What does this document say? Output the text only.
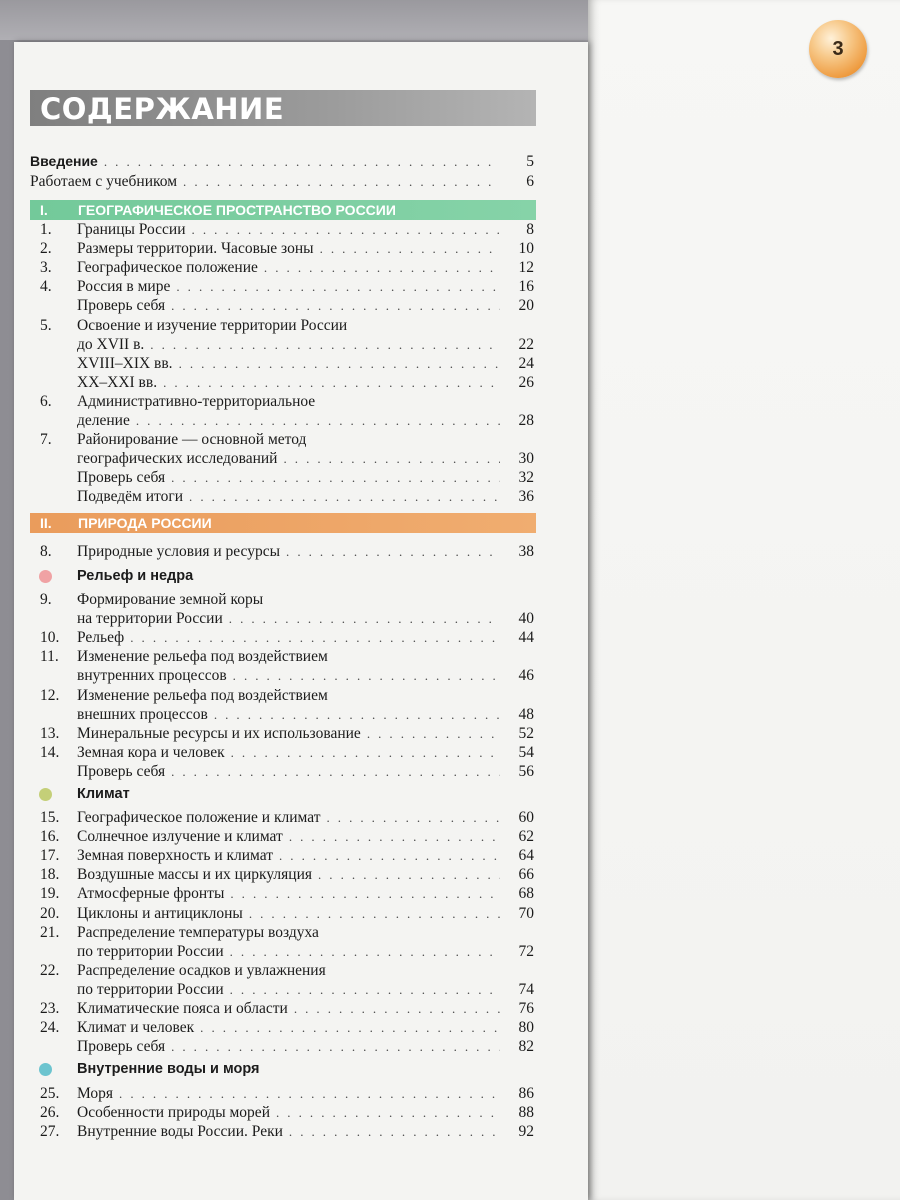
3
СОДЕРЖАНИЕ
Введение . . .	5
Работаем с учебником . . .	6
I. ГЕОГРАФИЧЕСКОЕ ПРОСТРАНСТВО РОССИИ
1. Границы России . . .	8
2. Размеры территории. Часовые зоны . . .	10
3. Географическое положение . . .	12
4. Россия в мире . . .	16
Проверь себя . . .	20
5. Освоение и изучение территории России
до XVII в. . . .	22
XVIII–XIX вв. . . .	24
XX–XXI вв. . . .	26
6. Административно-территориальное
деление . . .	28
7. Районирование — основной метод
географических исследований . . .	30
Проверь себя . . .	32
Подведём итоги . . .	36
II. ПРИРОДА РОССИИ
8. Природные условия и ресурсы . . .	38
Рельеф и недра
9. Формирование земной коры
на территории России . . .	40
10. Рельеф . . .	44
11. Изменение рельефа под воздействием
внутренних процессов . . .	46
12. Изменение рельефа под воздействием
внешних процессов . . .	48
13. Минеральные ресурсы и их использование . . .	52
14. Земная кора и человек . . .	54
Проверь себя . . .	56
Климат
15. Географическое положение и климат . . .	60
16. Солнечное излучение и климат . . .	62
17. Земная поверхность и климат . . .	64
18. Воздушные массы и их циркуляция . . .	66
19. Атмосферные фронты . . .	68
20. Циклоны и антициклоны . . .	70
21. Распределение температуры воздуха
по территории России . . .	72
22. Распределение осадков и увлажнения
по территории России . . .	74
23. Климатические пояса и области . . .	76
24. Климат и человек . . .	80
Проверь себя . . .	82
Внутренние воды и моря
25. Моря . . .	86
26. Особенности природы морей . . .	88
27. Внутренние воды России. Реки . . .	92
